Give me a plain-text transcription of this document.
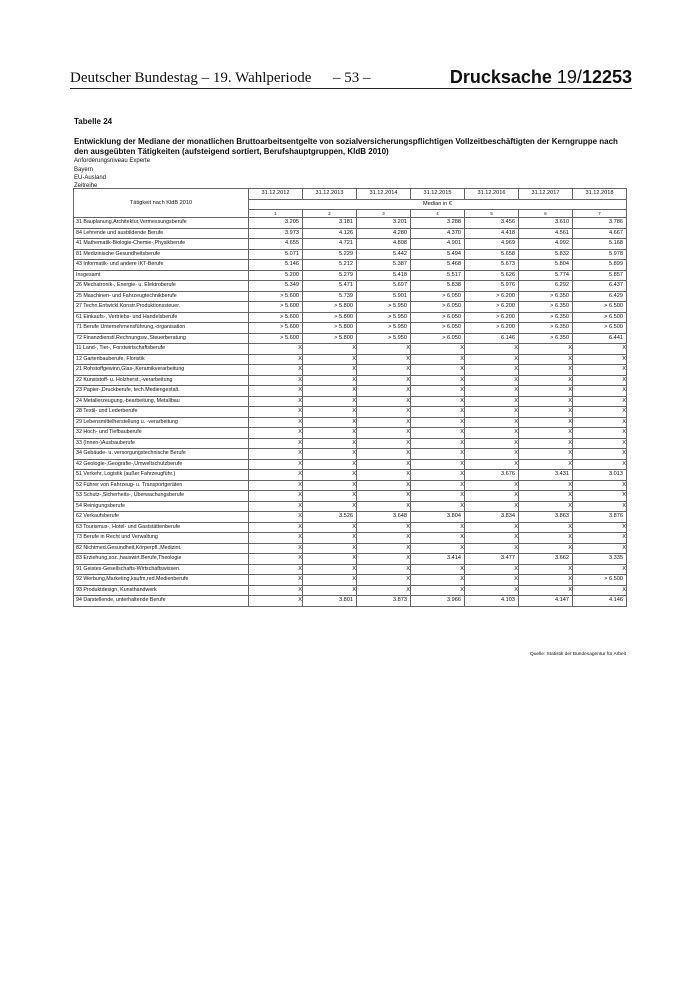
Deutscher Bundestag – 19. Wahlperiode – 53 –	Drucksache 19/12253
Tabelle 24
Entwicklung der Mediane der monatlichen Bruttoarbeitsentgelte von sozialversicherungspflichtigen Vollzeitbeschäftigten der Kerngruppe nach den ausgeübten Tätigkeiten (aufsteigend sortiert, Berufshauptgruppen, KldB 2010)
Anforderungsniveau Experte
Bayern
EU-Ausland
Zeitreihe
Tätigkeit nach KldB 2010	31.12.2012	31.12.2013	31.12.2014	31.12.2015	31.12.2016	31.12.2017	31.12.2018
	Median in €						
	1	2	3	4	5	6	7
31 Bauplanung,Architektur,Vermessungsberufe	3.205	3.181	3.201	3.288	3.456	3.610	3.786
84 Lehrende und ausbildende Berufe	3.973	4.126	4.280	4.370	4.418	4.561	4.667
41 Mathematik-Biologie-Chemie-,Physikberufe	4.655	4.721	4.808	4.901	4.969	4.992	5.168
81 Medizinische Gesundheitsberufe	5.071	5.229	5.442	5.494	5.658	5.832	5.978
43 Informatik- und andere IKT-Berufe	5.146	5.212	5.387	5.468	5.673	5.804	5.899
Insgesamt	5.200	5.279	5.418	5.517	5.626	5.774	5.857
26 Mechatronik-, Energie- u. Elektroberufe	5.349	5.471	5.697	5.838	5.976	6.292	6.437
25 Maschinen- und Fahrzeugtechnikberufe	> 5.600	5.739	5.901	> 6.050	> 6.200	> 6.350	6.429
27 Techn.Entwickl.Konstr.Produktionssteuer.	> 5.600	> 5.800	> 5.950	> 6.050	> 6.200	> 6.350	> 6.500
61 Einkaufs-, Vertriebs- und Handelsberufe	> 5.600	> 5.800	> 5.950	> 6.050	> 6.200	> 6.350	> 6.500
71 Berufe Unternehmensführung,-organisation	> 5.600	> 5.800	> 5.950	> 6.050	> 6.200	> 6.350	> 6.500
72 Finanzdienstl.Rechnungsw.,Steuerberatung	> 5.600	> 5.800	> 5.950	> 6.050	6.146	> 6.350	6.441
11 Land-, Tier-, Forstwirtschaftsberufe	X	X	X	X	X	X	X
12 Gartenbauberufe, Floristik	X	X	X	X	X	X	X
21 Rohstoffgewinn,Glas-,Keramikverarbeitung	X	X	X	X	X	X	X
22 Kunststoff- u. Holzherst.,-verarbeitung	X	X	X	X	X	X	X
23 Papier-,Druckberufe, tech.Mediengestalt.	X	X	X	X	X	X	X
24 Metallerzeugung,-bearbeitung, Metallbau	X	X	X	X	X	X	X
28 Textil- und Lederberufe	X	X	X	X	X	X	X
29 Lebensmittelherstellung u. -verarbeitung	X	X	X	X	X	X	X
32 Hoch- und Tiefbauberufe	X	X	X	X	X	X	X
33 (Innen-)Ausbauberufe	X	X	X	X	X	X	X
34 Gebäude- u. versorgungstechnische Berufe	X	X	X	X	X	X	X
42 Geologie-,Geografie-,Umweltschutzberufe	X	X	X	X	X	X	X
51 Verkehr, Logistik (außer Fahrzeugführ.)	X	X	X	X	3.676	3.431	3.013
52 Führer von Fahrzeug- u. Transportgeräten	X	X	X	X	X	X	X
53 Schutz-,Sicherheits-, Überwachungsberufe	X	X	X	X	X	X	X
54 Reinigungsberufe	X	X	X	X	X	X	X
62 Verkaufsberufe	X	3.526	3.648	3.804	3.834	3.863	3.876
63 Tourismus-, Hotel- und Gaststättenberufe	X	X	X	X	X	X	X
73 Berufe in Recht und Verwaltung	X	X	X	X	X	X	X
82 Nichtmed.Gesundheit,Körperpfl.,Medizint.	X	X	X	X	X	X	X
83 Erziehung,soz.,hauswirt.Berufe,Theologie	X	X	X	3.414	3.477	3.662	3.335
91 Geistes-Gesellschafts-Wirtschaftswissen.	X	X	X	X	X	X	X
92 Werbung,Marketing,kaufm,red.Medienberufe	X	X	X	X	X	X	> 6.500
93 Produktdesign, Kunsthandwerk	X	X	X	X	X	X	X
94 Darstellende, unterhaltende Berufe	X	3.801	3.873	3.966	4.103	4.147	4.146
Quelle: Statistik der Bundesagentur für Arbeit
